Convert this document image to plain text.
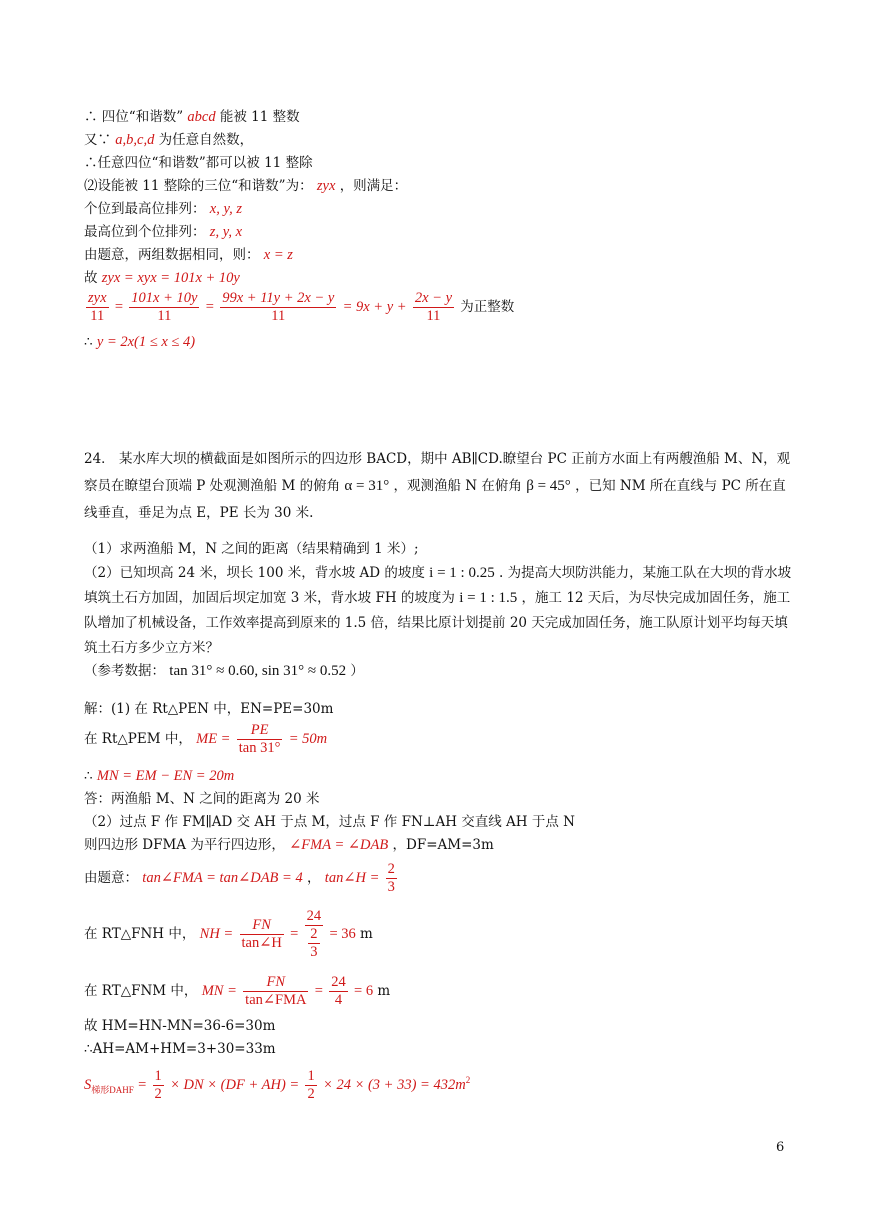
∴ 四位“和谐数” abcd 能被 11 整数
又∵ a,b,c,d 为任意自然数，
∴任意四位“和谐数”都可以被 11 整除
⑵设能被 11 整除的三位“和谐数”为： zyx ，则满足：
个位到最高位排列： x, y, z
最高位到个位排列： z, y, x
由题意，两组数据相同，则： x = z
故 zyx = xyx = 101x + 10y
$\frac{\text{zyx}}{11} = \frac{101x + 10y}{11} = \frac{99x + 11y + 2x - y}{11} = 9x + y + \frac{2x - y}{11}$ 为正整数
∴ y = 2x(1 ≤ x ≤ 4)
24． 某水库大坝的横截面是如图所示的四边形 BACD，期中 AB∥CD.瞭望台 PC 正前方水面上有两艘渔船 M、N，观察员在瞭望台顶端 P 处观测渔船 M 的俯角 α = 31° ，观测渔船 N 在俯角 β = 45° ，已知 NM 所在直线与 PC 所在直线垂直，垂足为点 E，PE 长为 30 米.
（1）求两渔船 M，N 之间的距离（结果精确到 1 米）;
（2）已知坝高 24 米，坝长 100 米，背水坡 AD 的坡度 i = 1 : 0.25 . 为提高大坝防洪能力，某施工队在大坝的背水坡填筑土石方加固，加固后坝定加宽 3 米，背水坡 FH 的坡度为 i = 1 : 1.5 ，施工 12 天后，为尽快完成加固任务，施工队增加了机械设备，工作效率提高到原来的 1.5 倍，结果比原计划提前 20 天完成加固任务，施工队原计划平均每天填筑土石方多少立方米？
（参考数据： tan 31° ≈ 0.60, sin 31° ≈ 0.52 ）
解：(1) 在 Rt△PEN 中，EN=PE=30m
在 Rt△PEM 中， ME = $\frac{PE}{\tan 31^\circ} = 50m$
∴ MN = EM − EN = 20m
答：两渔船 M、N 之间的距离为 20 米
（2）过点 F 作 FM∥AD 交 AH 于点 M，过点 F 作 FN⊥AH 交直线 AH 于点 N
则四边形 DFMA 为平行四边形， ∠FMA = ∠DAB ，DF=AM=3m
由题意： tan∠FMA = tan∠DAB = 4 ， tan∠H = $\frac{2}{3}$
在 RT△FNH 中， NH = $\frac{FN}{\tan\angle H} = \frac{24}{\frac{2}{3}} = 36$ m
在 RT△FNM 中， MN = $\frac{FN}{\text{tan∠FMA}} = \frac{24}{4} = 6$ m
故 HM=HN-MN=36-6=30m
∴AH=AM+HM=3+30=33m
$S_{梯形DAHF} = \frac{1}{2}$ × DN × $(DF + AH) = \frac{1}{2} \times 24 \times (3 + 33) = 432m^2$
6
